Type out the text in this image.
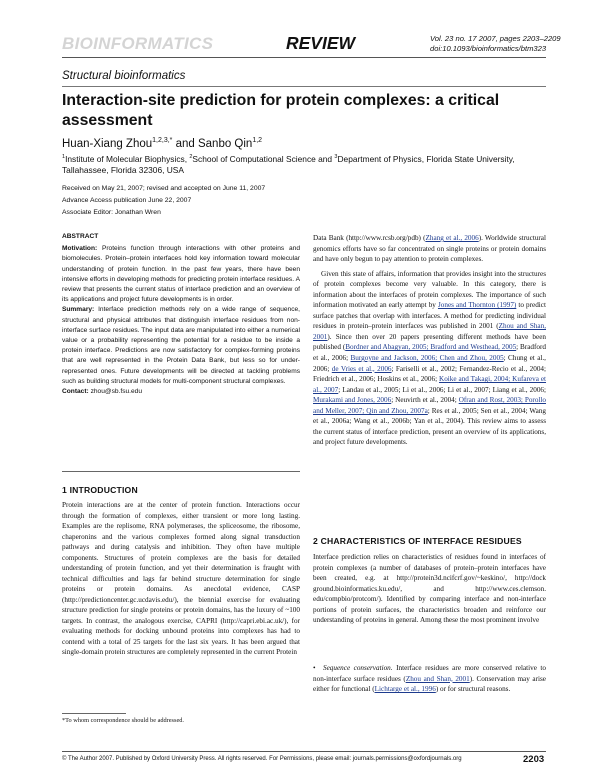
BIOINFORMATICS	REVIEW	Vol. 23 no. 17 2007, pages 2203–2209
doi:10.1093/bioinformatics/btm323
Structural bioinformatics
Interaction-site prediction for protein complexes: a critical assessment
Huan-Xiang Zhou$^{1,2,3,*}$ and Sanbo Qin$^{1,2}$
$^1$Institute of Molecular Biophysics, $^2$School of Computational Science and $^3$Department of Physics, Florida State University, Tallahassee, Florida 32306, USA
Received on May 21, 2007; revised and accepted on June 11, 2007
Advance Access publication June 22, 2007
Associate Editor: Jonathan Wren
ABSTRACT

Motivation: Proteins function through interactions with other proteins and biomolecules. Protein–protein interfaces hold key information toward molecular understanding of protein function. In the past few years, there have been intensive efforts in developing methods for predicting protein interface residues. A review that presents the current status of interface prediction and an overview of its applications and project future developments is in order.

Summary: Interface prediction methods rely on a wide range of sequence, structural and physical attributes that distinguish interface residues from non-interface surface residues. The input data are manipulated into either a numerical value or a probability representing the potential for a residue to be inside a protein interface. Predictions are now satisfactory for complex-forming proteins that are well represented in the Protein Data Bank, but less so for under-represented ones. Future developments will be directed at tackling problems such as building structural models for multi-component structural complexes.

Contact: zhou@sb.fsu.edu

1 INTRODUCTION
Protein interactions are at the center of protein function. Interactions occur through the formation of complexes, either transient or more long lasting. Examples are the replisome, RNA polymerases, the spliceosome, the ribosome, chaperonins and the various complexes formed along signal transduction pathways and during catalysis and inhibition. They often have multiple components. Structures of protein complexes are the basis for detailed understanding of protein function, and yet their determination is fraught with technical difficulties and lags far behind structure determination for single proteins or protein domains. As anecdotal evidence, CASP (http://predictioncenter.gc.ucdavis.edu/), the biennial exercise for evaluating structure prediction for single proteins or protein domains, has the luxury of ~100 targets. In contrast, the analogous exercise, CAPRI (http://capri.ebi.ac.uk/), for evaluating methods for docking unbound proteins into complexes has had to contend with a total of 25 targets for the last six years. It has been argued that single-domain protein structures are completely represented in the current Protein
*To whom correspondence should be addressed.

Data Bank (http://www.rcsb.org/pdb) (Zhang et al., 2006). Worldwide structural genomics efforts have so far concentrated on single proteins or protein domains and have only begun to pay attention to protein complexes.

Given this state of affairs, information that provides insight into the structures of protein complexes become very valuable. In this category, there is information about the interfaces of protein complexes. The importance of such information motivated an early attempt by Jones and Thornton (1997) to predict surface patches that overlap with interfaces. A method for predicting individual residues in protein–protein interfaces was published in 2001 (Zhou and Shan, 2001). Since then over 20 papers presenting different methods have been published (Bordner and Abagyan, 2005; Bradford and Westhead, 2005; Bradford et al., 2006; Burgoyne and Jackson, 2006; Chen and Zhou, 2005; Chung et al., 2006; de Vries et al., 2006; Fariselli et al., 2002; Fernandez-Recio et al., 2004; Friedrich et al., 2006; Hoskins et al., 2006; Koike and Takagi, 2004; Kufareva et al., 2007; Landau et al., 2005; Li et al., 2006; Li et al., 2007; Liang et al., 2006; Murakami and Jones, 2006; Neuvirth et al., 2004; Ofran and Rost, 2003; Porollo and Meller, 2007; Qin and Zhou, 2007a; Res et al., 2005; Sen et al., 2004; Wang et al., 2006a; Wang et al., 2006b; Yan et al., 2004). This review aims to assess the current status of interface prediction, present an overview of its applications, and project future developments.

2 CHARACTERISTICS OF INTERFACE RESIDUES
Interface prediction relies on characteristics of residues found in interfaces of protein complexes (a number of databases of protein–protein interfaces have been created, e.g. at http://protein3d.ncifcrf.gov/~keskino/, http://dock ground.bioinformatics.ku.edu/, and http://www.ces.clemson. edu/compbio/protcom/). Identified by comparing interface and non-interface portions of protein surfaces, the characteristics broaden and reinforce our understanding of proteins in general. Among these the most prominent involve
• Sequence conservation. Interface residues are more conserved relative to non-interface surface residues (Zhou and Shan, 2001). Conservation may arise either for functional (Lichtarge et al., 1996) or for structural reasons.
© The Author 2007. Published by Oxford University Press. All rights reserved. For Permissions, please email: journals.permissions@oxfordjournals.org	2203
